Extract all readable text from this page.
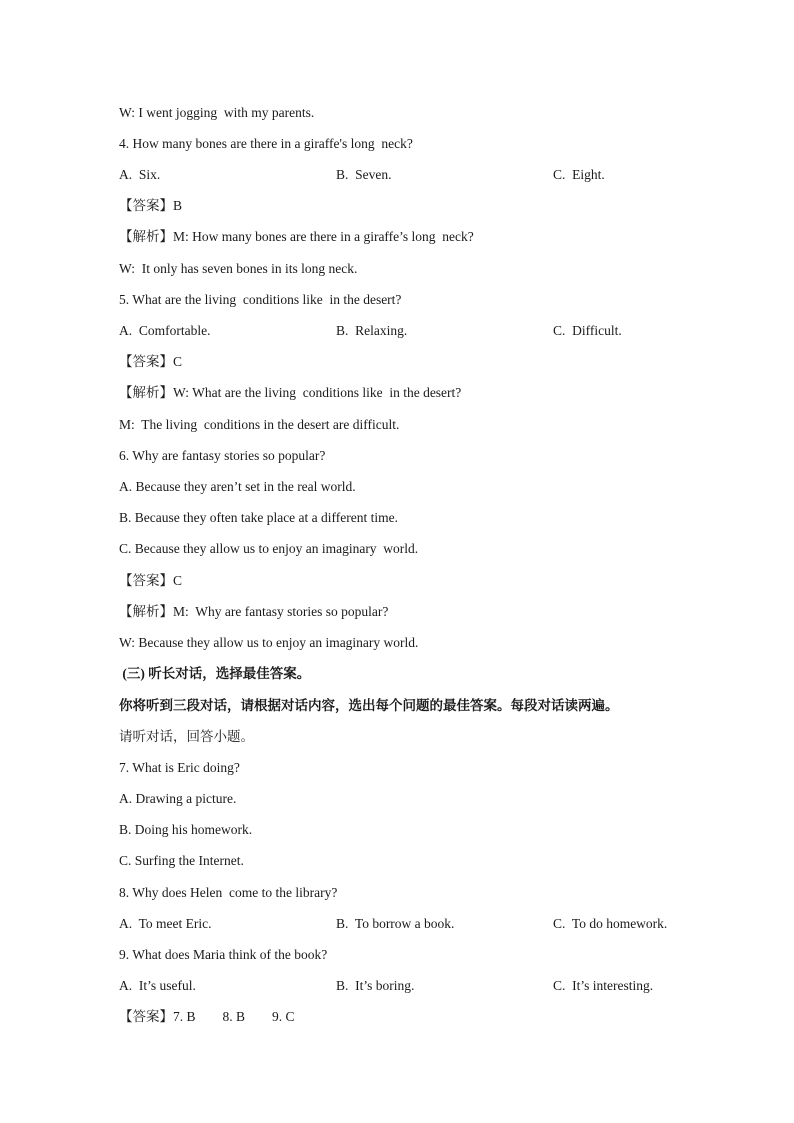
W: I went jogging  with my parents.
4. How many bones are there in a giraffe's long  neck?
A.  Six.	B.  Seven.	C.  Eight.
【答案】B
【解析】M: How many bones are there in a giraffe’s long  neck?
W:  It only has seven bones in its long neck.
5. What are the living  conditions like  in the desert?
A.  Comfortable.	B.  Relaxing.	C.  Difficult.
【答案】C
【解析】W: What are the living  conditions like  in the desert?
M:  The living  conditions in the desert are difficult.
6. Why are fantasy stories so popular?
A. Because they aren’t set in the real world.
B. Because they often take place at a different time.
C. Because they allow us to enjoy an imaginary  world.
【答案】C
【解析】M:  Why are fantasy stories so popular?
W: Because they allow us to enjoy an imaginary world.
(三) 听长对话，选择最佳答案。
你将听到三段对话，请根据对话内容，选出每个问题的最佳答案。每段对话读两遍。
请听对话，回答小题。
7. What is Eric doing?
A. Drawing a picture.
B. Doing his homework.
C. Surfing the Internet.
8. Why does Helen  come to the library?
A.  To meet Eric.	B.  To borrow a book.	C.  To do homework.
9. What does Maria think of the book?
A.  It’s useful.	B.  It’s boring.	C.  It’s interesting.
【答案】7. B        8. B        9. C
